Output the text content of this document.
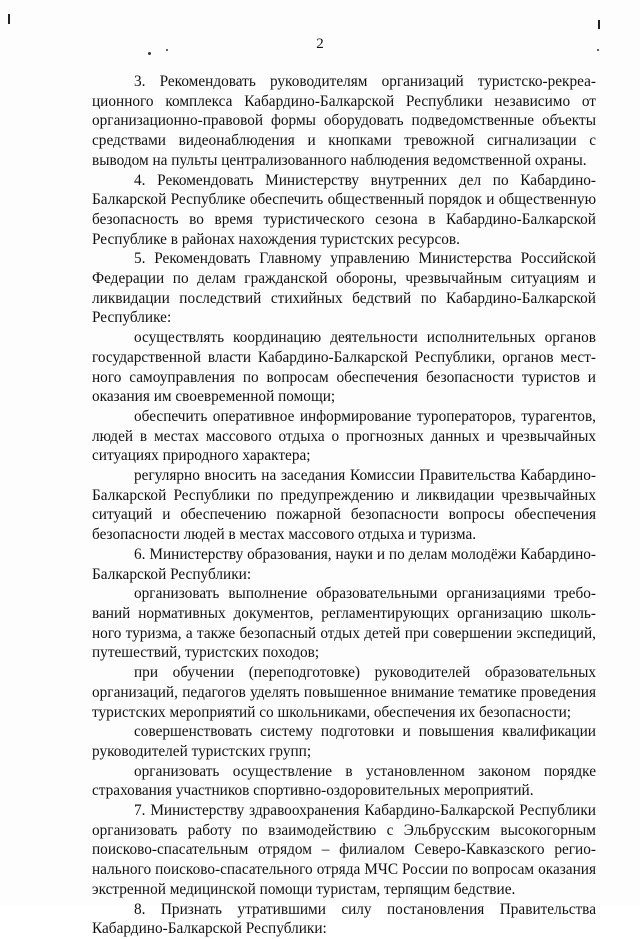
2

3. Рекомендовать руководителям организаций туристско-рекреационного комплекса Кабардино-Балкарской Республики независимо от организационно-правовой формы оборудовать подведомственные объекты средствами видеонаблюдения и кнопками тревожной сигнализации с выводом на пульты централизованного наблюдения ведомственной охраны.

4. Рекомендовать Министерству внутренних дел по Кабардино-Балкарской Республике обеспечить общественный порядок и общественную безопасность во время туристического сезона в Кабардино-Балкарской Республике в районах нахождения туристских ресурсов.

5. Рекомендовать Главному управлению Министерства Российской Федерации по делам гражданской обороны, чрезвычайным ситуациям и ликвидации последствий стихийных бедствий по Кабардино-Балкарской Республике:

осуществлять координацию деятельности исполнительных органов государственной власти Кабардино-Балкарской Республики, органов местного самоуправления по вопросам обеспечения безопасности туристов и оказания им своевременной помощи;

обеспечить оперативное информирование туроператоров, турагентов, людей в местах массового отдыха о прогнозных данных и чрезвычайных ситуациях природного характера;

регулярно вносить на заседания Комиссии Правительства Кабардино-Балкарской Республики по предупреждению и ликвидации чрезвычайных ситуаций и обеспечению пожарной безопасности вопросы обеспечения безопасности людей в местах массового отдыха и туризма.

6. Министерству образования, науки и по делам молодёжи Кабардино-Балкарской Республики:

организовать выполнение образовательными организациями требований нормативных документов, регламентирующих организацию школьного туризма, а также безопасный отдых детей при совершении экспедиций, путешествий, туристских походов;

при обучении (переподготовке) руководителей образовательных организаций, педагогов уделять повышенное внимание тематике проведения туристских мероприятий со школьниками, обеспечения их безопасности;

совершенствовать систему подготовки и повышения квалификации руководителей туристских групп;

организовать осуществление в установленном законом порядке страхования участников спортивно-оздоровительных мероприятий.

7. Министерству здравоохранения Кабардино-Балкарской Республики организовать работу по взаимодействию с Эльбрусским высокогорным поисково-спасательным отрядом – филиалом Северо-Кавказского регионального поисково-спасательного отряда МЧС России по вопросам оказания экстренной медицинской помощи туристам, терпящим бедствие.

8. Признать утратившими силу постановления Правительства Кабардино-Балкарской Республики:
